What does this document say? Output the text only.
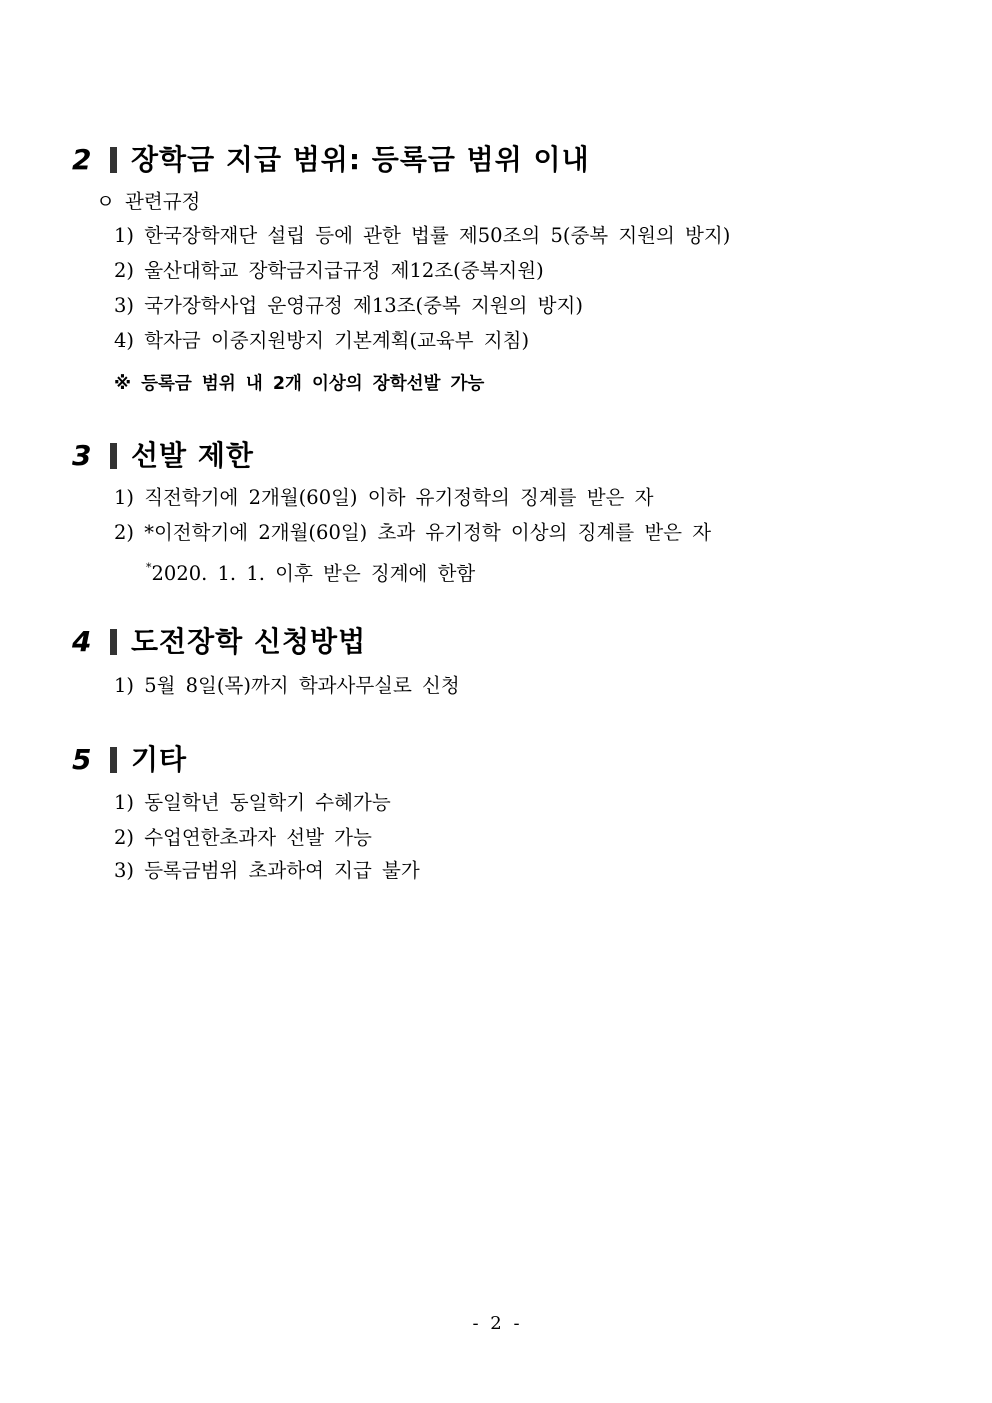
2	장학금 지급 범위: 등록금 범위 이내
ㅇ 관련규정
1) 한국장학재단 설립 등에 관한 법률 제50조의 5(중복 지원의 방지)
2) 울산대학교 장학금지급규정 제12조(중복지원)
3) 국가장학사업 운영규정 제13조(중복 지원의 방지)
4) 학자금 이중지원방지 기본계획(교육부 지침)
※ 등록금 범위 내 2개 이상의 장학선발 가능
3	선발 제한
1) 직전학기에 2개월(60일) 이하 유기정학의 징계를 받은 자
2) *이전학기에 2개월(60일) 초과 유기정학 이상의 징계를 받은 자
*2020. 1. 1. 이후 받은 징계에 한함
4	도전장학 신청방법
1) 5월 8일(목)까지 학과사무실로 신청
5	기타
1) 동일학년 동일학기 수혜가능
2) 수업연한초과자 선발 가능
3) 등록금범위 초과하여 지급 불가
- 2 -
